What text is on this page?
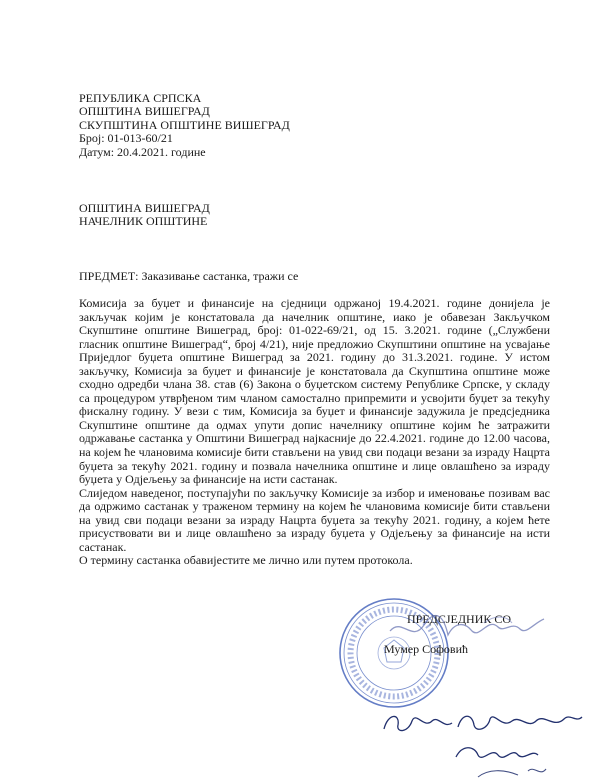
РЕПУБЛИКА СРПСКА
ОПШТИНА ВИШЕГРАД
СКУПШТИНА ОПШТИНЕ ВИШЕГРАД
Број: 01-013-60/21
Датум: 20.4.2021. године
ОПШТИНА ВИШЕГРАД
НАЧЕЛНИК ОПШТИНЕ
ПРЕДМЕТ: Заказивање састанка, тражи се

Комисија за буџет и финансије на сједници одржаној 19.4.2021. године донијела је закључак којим је констатовала да начелник општине, иако је обавезан Закључком Скупштине општине Вишеград, број: 01-022-69/21, од 15. 3.2021. године („Службени гласник општине Вишеград“, број 4/21), није предложио Скупштини општине на усвајање Приједлог буџета општине Вишеград за 2021. годину до 31.3.2021. године. У истом закључку, Комисија за буџет и финансије је констатовала да Скупштина општине може сходно одредби члана 38. став (6) Закона о буџетском систему Републике Српске, у складу са процедуром утврђеном тим чланом самостално припремити и усвојити буџет за текућу фискалну годину. У вези с тим, Комисија за буџет и финансије задужила је предсједника Скупштине општине да одмах упути допис начелнику општине којим ће затражити одржавање састанка у Општини Вишеград најкасније до 22.4.2021. године до 12.00 часова, на којем ће члановима комисије бити стављени на увид сви подаци везани за израду Нацрта буџета за текућу 2021. годину и позвала начелника општине и лице овлашћено за израду буџета у Одјељењу за финансије на исти састанак.

Слиједом наведеног, поступајући по закључку Комисије за избор и именовање позивам вас да одржимо састанак у траженом термину на којем ће члановима комисије бити стављени на увид сви подаци везани за израду Нацрта буџета за текућу 2021. годину, а којем ћете присуствовати ви и лице овлашћено за израду буџета у Одјељењу за финансије на исти састанак.

О термину састанка обавијестите ме лично или путем протокола.

ПРЕДСЈЕДНИК СО
Мумер Софовић
